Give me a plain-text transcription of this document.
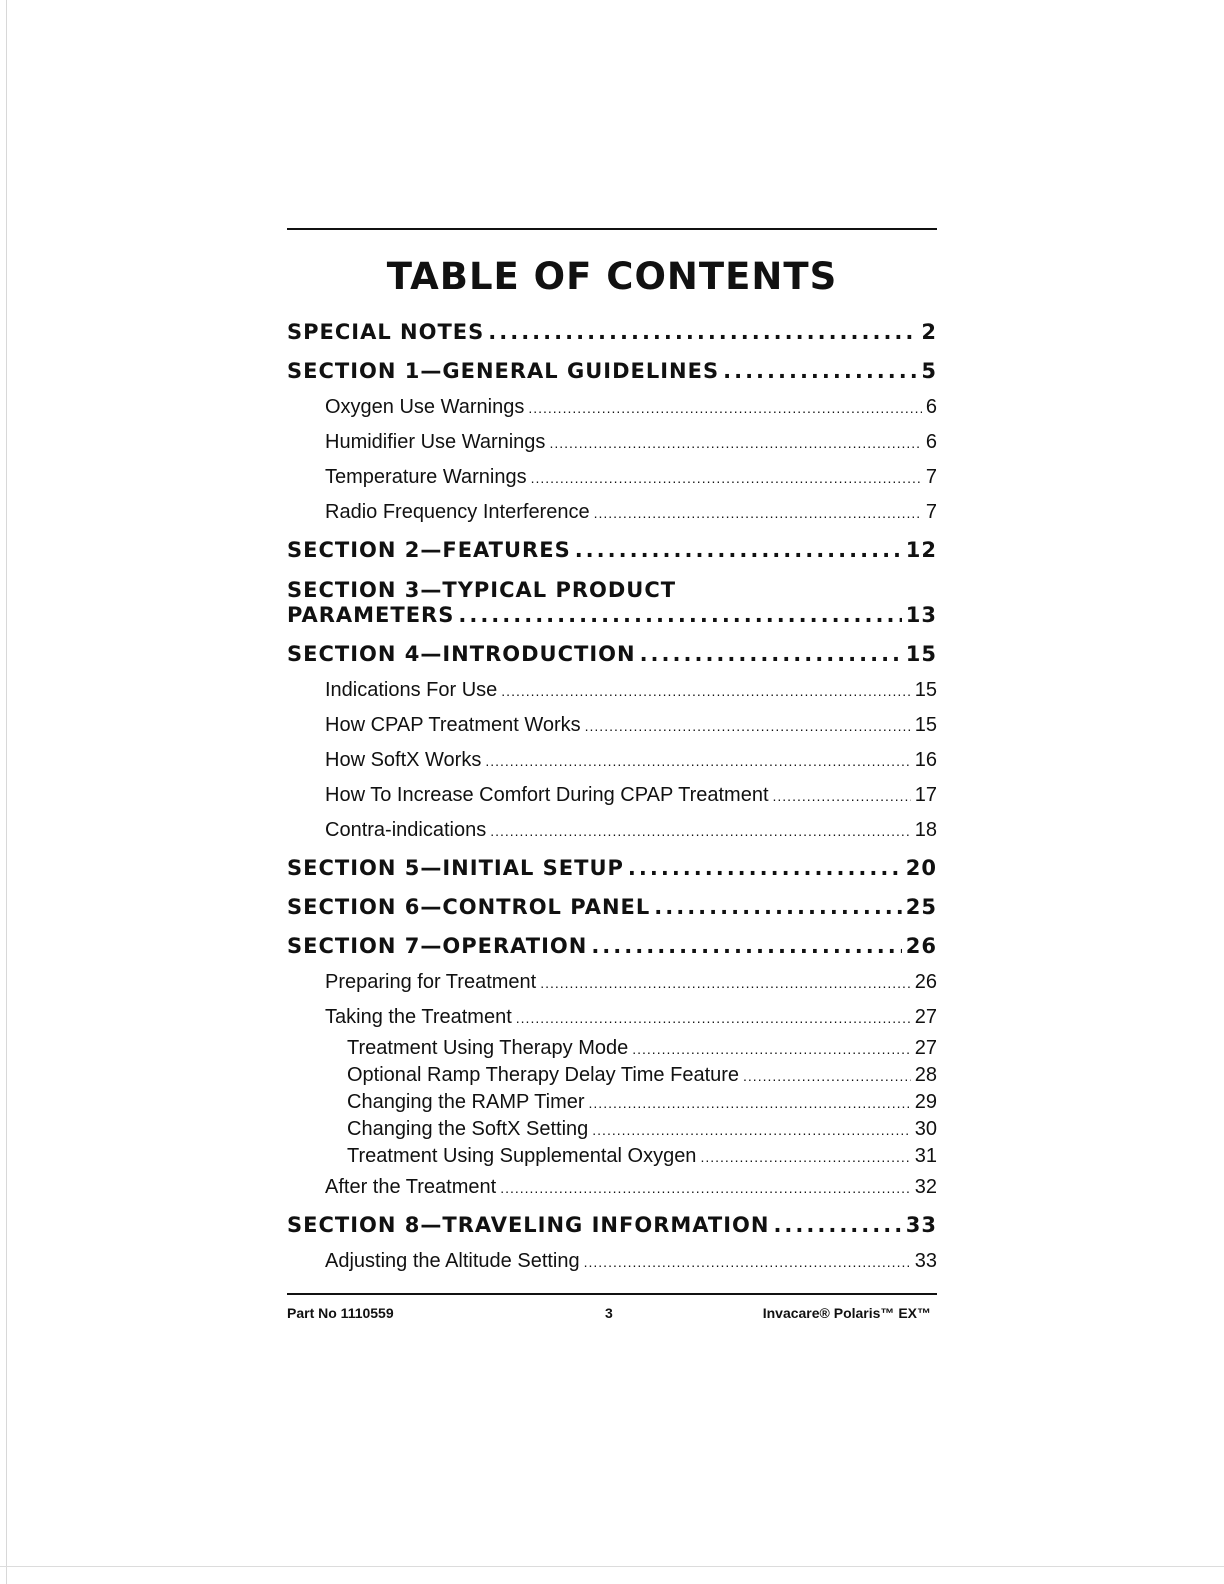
TABLE OF CONTENTS
SPECIAL NOTES .....	2
SECTION 1—GENERAL GUIDELINES .....	5
Oxygen Use Warnings .....	6
Humidifier Use Warnings .....	6
Temperature Warnings .....	7
Radio Frequency Interference .....	7
SECTION 2—FEATURES .....	12
SECTION 3—TYPICAL PRODUCT
PARAMETERS .....	13
SECTION 4—INTRODUCTION .....	15
Indications For Use .....	15
How CPAP Treatment Works .....	15
How SoftX Works .....	16
How To Increase Comfort During CPAP Treatment .....	17
Contra-indications .....	18
SECTION 5—INITIAL SETUP .....	20
SECTION 6—CONTROL PANEL .....	25
SECTION 7—OPERATION .....	26
Preparing for Treatment .....	26
Taking the Treatment .....	27
Treatment Using Therapy Mode .....	27
Optional Ramp Therapy Delay Time Feature .....	28
Changing the RAMP Timer .....	29
Changing the SoftX Setting .....	30
Treatment Using Supplemental Oxygen .....	31
After the Treatment .....	32
SECTION 8—TRAVELING INFORMATION .....	33
Adjusting the Altitude Setting .....	33
Part No 1110559	3	Invacare® Polaris™ EX™
